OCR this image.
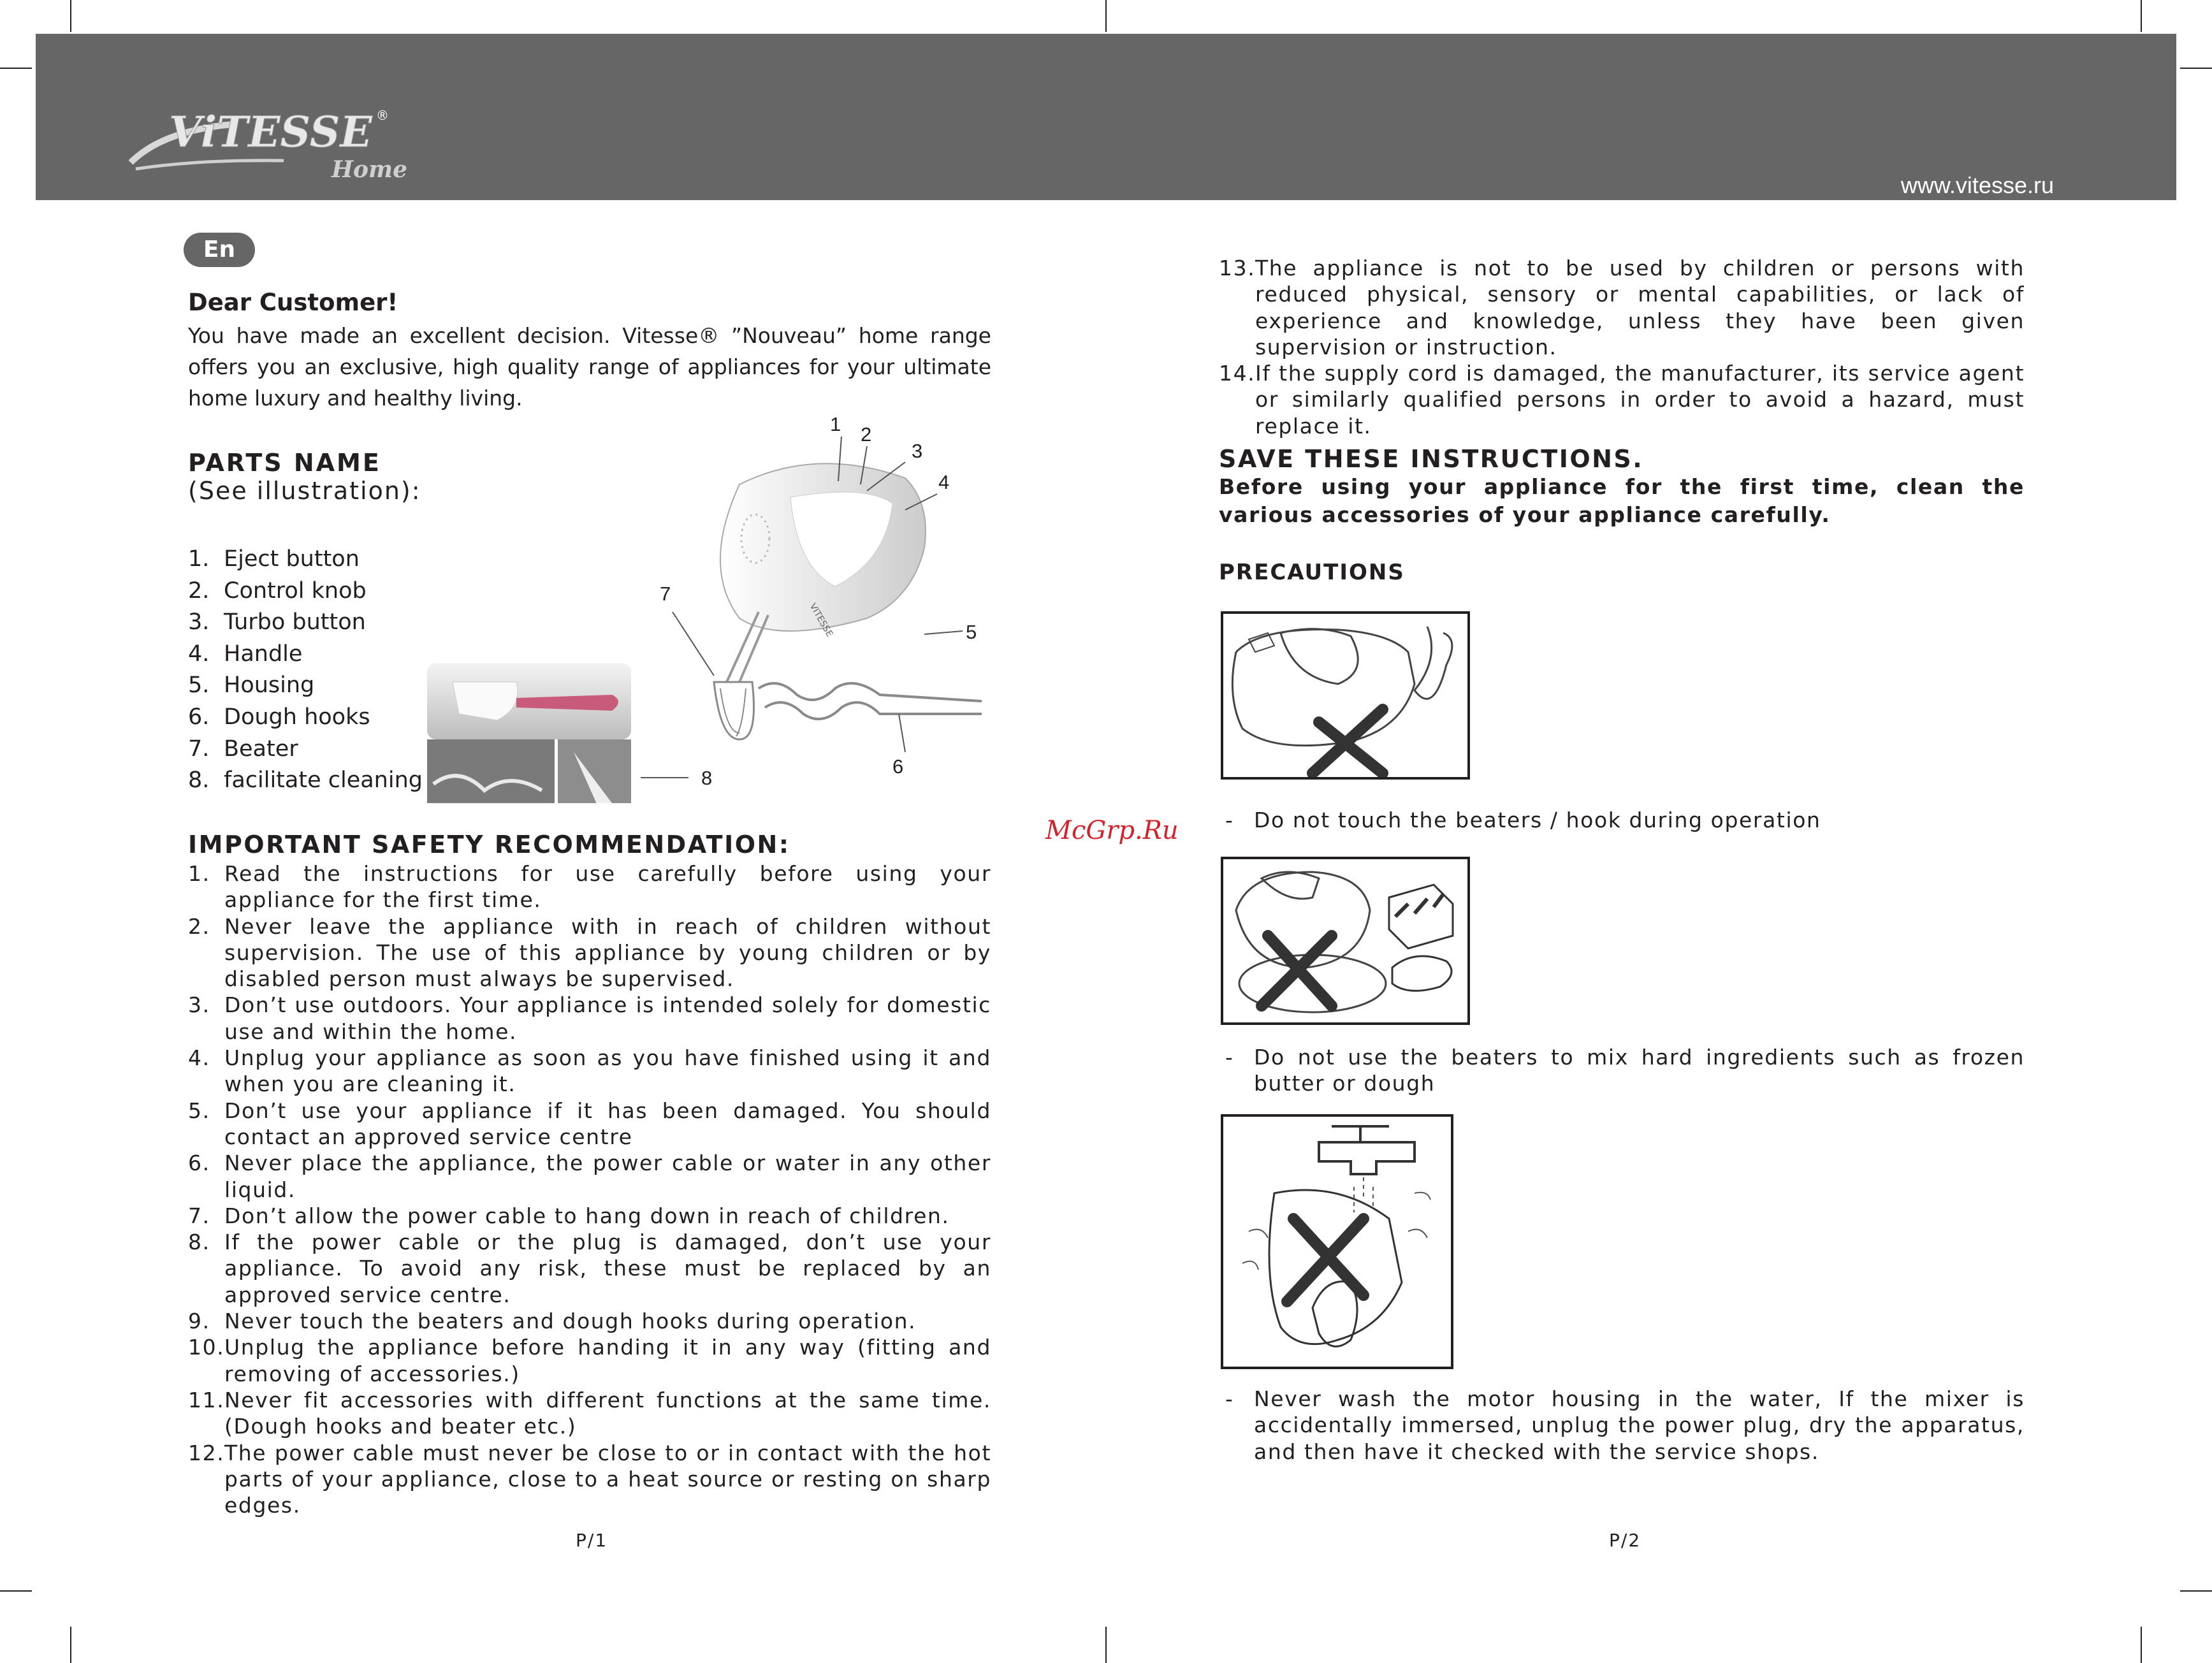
ViTESSE ®
Home
www.vitesse.ru
En
Dear Customer!

You have made an excellent decision. Vitesse® ”Nouveau” home range offers you an exclusive, high quality range of appliances for your ultimate home luxury and healthy living.

PARTS NAME
(See illustration):
1. Eject button
2. Control knob
3. Turbo button
4. Handle
5. Housing
6. Dough hooks
7. Beater
8. facilitate cleaning
VITESSE
1 2
3
4
5
6
7
8
IMPORTANT SAFETY RECOMMENDATION:
1. Read the instructions for use carefully before using your appliance for the first time.
2. Never leave the appliance with in reach of children without supervision. The use of this appliance by young children or by disabled person must always be supervised.
3. Don’t use outdoors. Your appliance is intended solely for domestic use and within the home.
4. Unplug your appliance as soon as you have finished using it and when you are cleaning it.
5. Don’t use your appliance if it has been damaged. You should contact an approved service centre
6. Never place the appliance, the power cable or water in any other liquid.
7. Don’t allow the power cable to hang down in reach of children.
8. If the power cable or the plug is damaged, don’t use your appliance. To avoid any risk, these must be replaced by an approved service centre.
9. Never touch the beaters and dough hooks during operation.
10. Unplug the appliance before handing it in any way (fitting and removing of accessories.)
11. Never fit accessories with different functions at the same time. (Dough hooks and beater etc.)
12. The power cable must never be close to or in contact with the hot parts of your appliance, close to a heat source or resting on sharp edges.
P/1
McGrp.Ru
13. The appliance is not to be used by children or persons with reduced physical, sensory or mental capabilities, or lack of experience and knowledge, unless they have been given supervision or instruction.
14. If the supply cord is damaged, the manufacturer, its service agent or similarly qualified persons in order to avoid a hazard, must replace it.
SAVE THESE INSTRUCTIONS.

Before using your appliance for the first time, clean the various accessories of your appliance carefully.

PRECAUTIONS

- Do not touch the beaters / hook during operation

- Do not use the beaters to mix hard ingredients such as frozen butter or dough

- Never wash the motor housing in the water, If the mixer is accidentally immersed, unplug the power plug, dry the apparatus, and then have it checked with the service shops.

P/2
